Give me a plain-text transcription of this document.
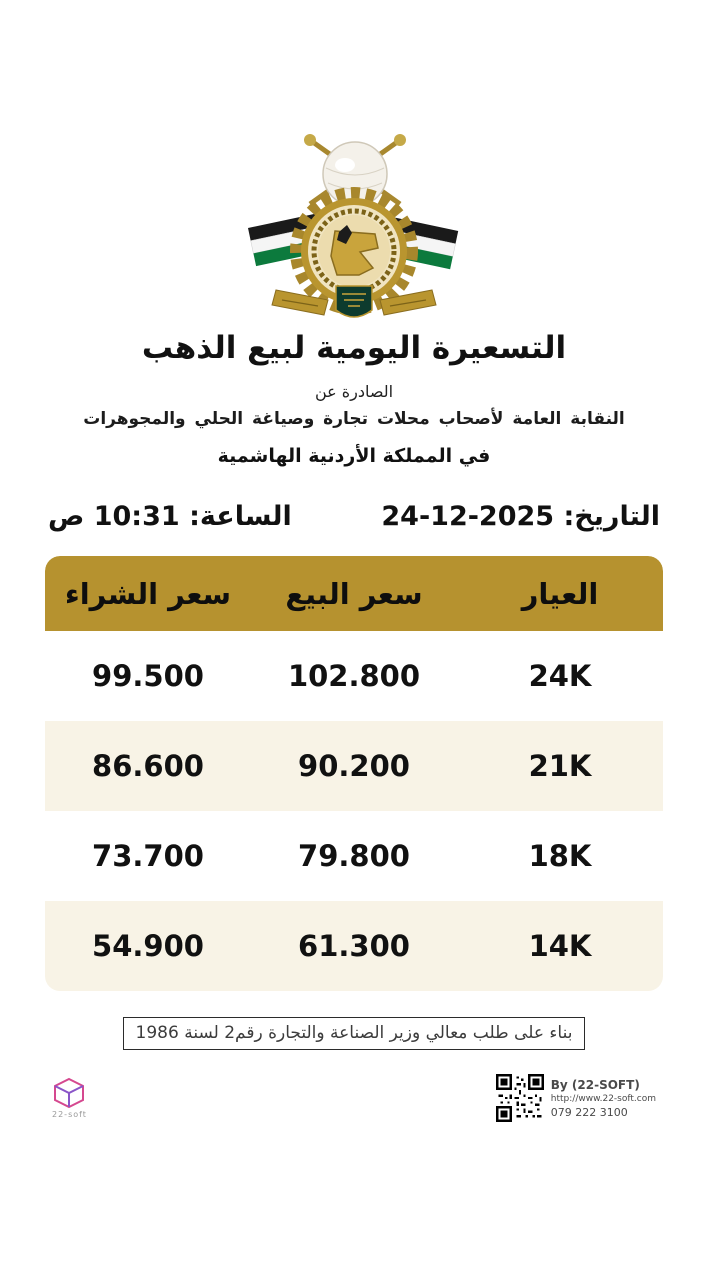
التسعيرة اليومية لبيع الذهب
الصادرة عن
النقابة العامة لأصحاب محلات تجارة وصياغة الحلي والمجوهرات
في المملكة الأردنية الهاشمية
التاريخ: 24-12-2025
الساعة: 10:31 ص
العيار
سعر البيع
سعر الشراء
24K
102.800
99.500
21K
90.200
86.600
18K
79.800
73.700
14K
61.300
54.900
بناء على طلب معالي وزير الصناعة والتجارة رقم2 لسنة 1986
22-soft
By (22-SOFT)
http://www.22-soft.com
079 222 3100
